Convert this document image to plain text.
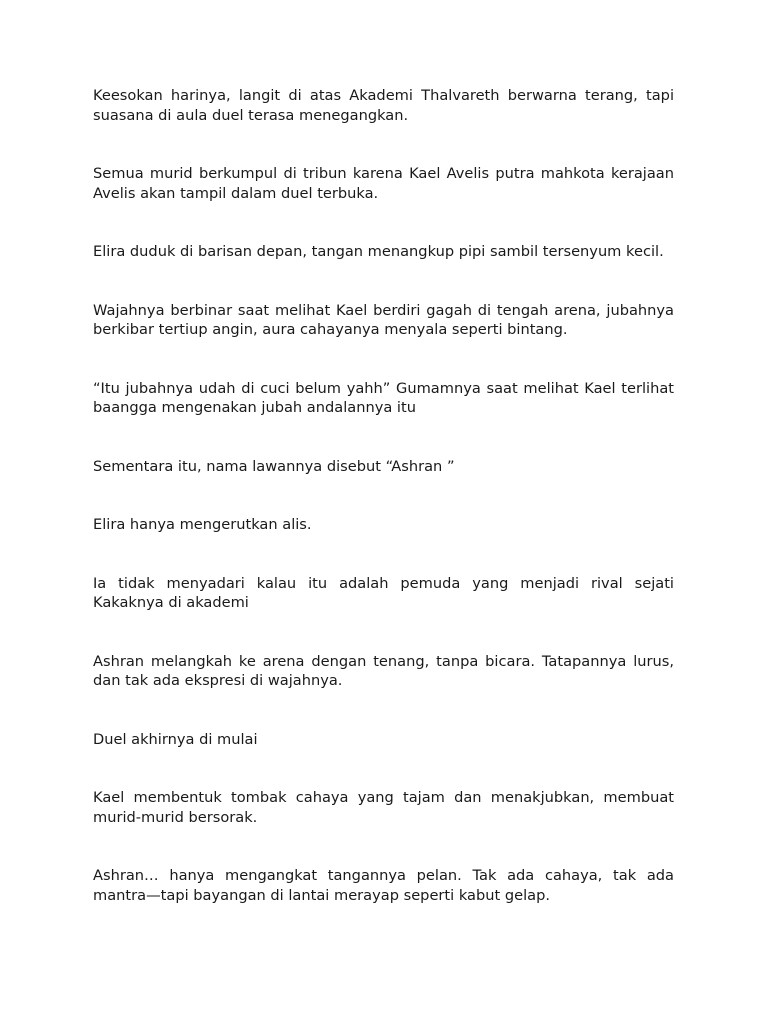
Keesokan harinya, langit di atas Akademi Thalvareth berwarna terang, tapi suasana di aula duel terasa menegangkan.

Semua murid berkumpul di tribun karena Kael Avelis putra mahkota kerajaan Avelis akan tampil dalam duel terbuka.

Elira duduk di barisan depan, tangan menangkup pipi sambil tersenyum kecil.

Wajahnya berbinar saat melihat Kael berdiri gagah di tengah arena, jubahnya berkibar tertiup angin, aura cahayanya menyala seperti bintang.

“Itu jubahnya udah di cuci belum yahh” Gumamnya saat melihat Kael terlihat baangga mengenakan jubah andalannya itu

Sementara itu, nama lawannya disebut “Ashran ”

Elira hanya mengerutkan alis.

Ia tidak menyadari kalau itu adalah pemuda yang menjadi rival sejati Kakaknya di akademi

Ashran melangkah ke arena dengan tenang, tanpa bicara. Tatapannya lurus, dan tak ada ekspresi di wajahnya.

Duel akhirnya di mulai

Kael membentuk tombak cahaya yang tajam dan menakjubkan, membuat murid-murid bersorak.

Ashran… hanya mengangkat tangannya pelan. Tak ada cahaya, tak ada mantra—tapi bayangan di lantai merayap seperti kabut gelap.
